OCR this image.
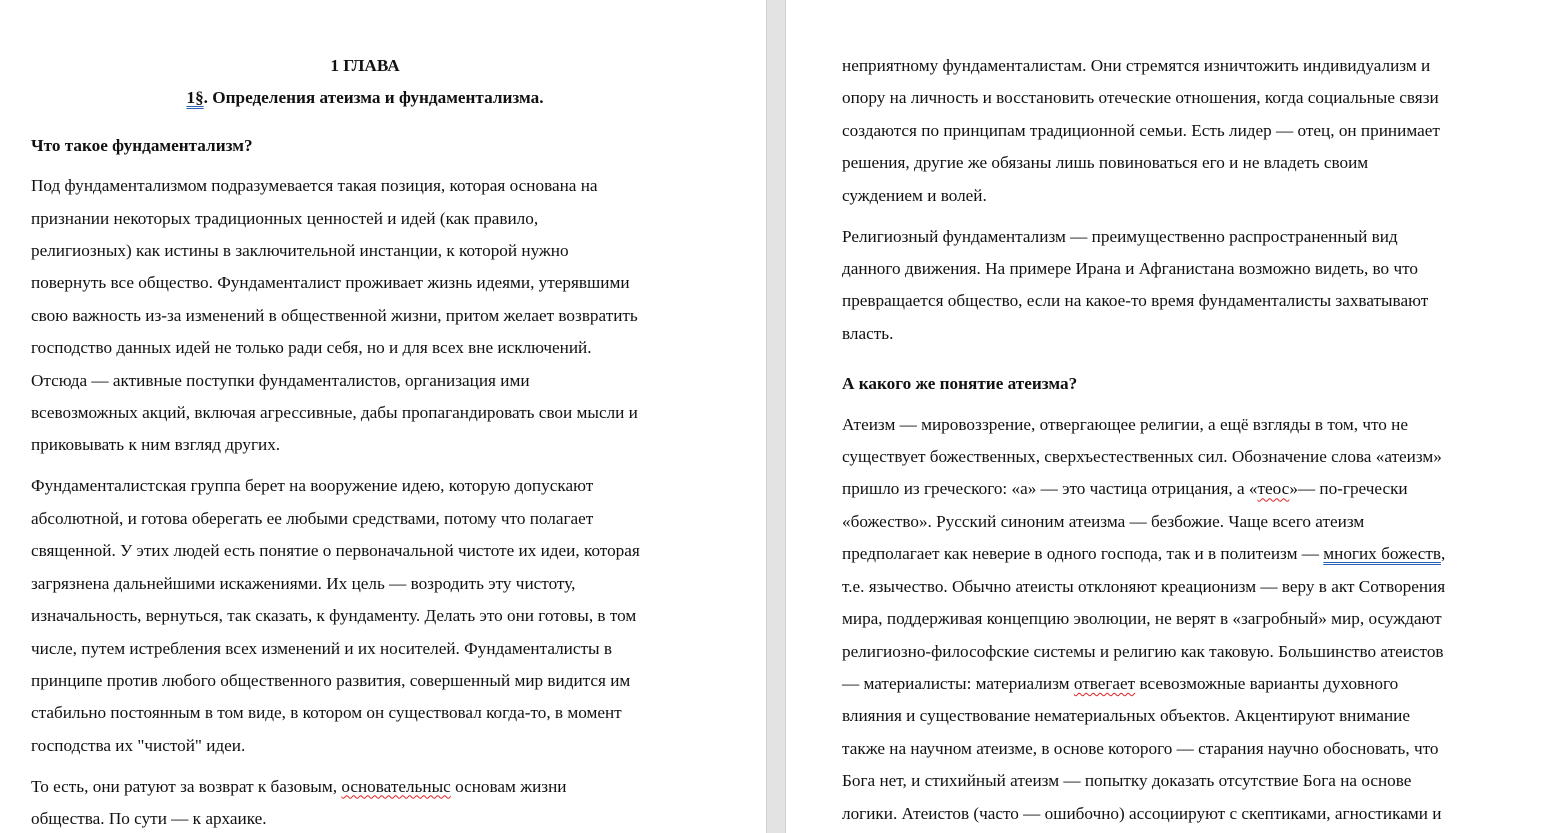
1 ГЛАВА

1§. Определения атеизма и фундаментализма.

Что такое фундаментализм?

Под фундаментализмом подразумевается такая позиция, которая основана на
признании некоторых традиционных ценностей и идей (как правило,
религиозных) как истины в заключительной инстанции, к которой нужно
повернуть все общество. Фундаменталист проживает жизнь идеями, утерявшими
свою важность из-за изменений в общественной жизни, притом желает возвратить
господство данных идей не только ради себя, но и для всех вне исключений.
Отсюда — активные поступки фундаменталистов, организация ими
всевозможных акций, включая агрессивные, дабы пропагандировать свои мысли и
приковывать к ним взгляд других.

Фундаменталистская группа берет на вооружение идею, которую допускают
абсолютной, и готова оберегать ее любыми средствами, потому что полагает
священной. У этих людей есть понятие о первоначальной чистоте их идеи, которая
загрязнена дальнейшими искажениями. Их цель — возродить эту чистоту,
изначальность, вернуться, так сказать, к фундаменту. Делать это они готовы, в том
числе, путем истребления всех изменений и их носителей. Фундаменталисты в
принципе против любого общественного развития, совершенный мир видится им
стабильно постоянным в том виде, в котором он существовал когда-то, в момент
господства их "чистой" идеи.

То есть, они ратуют за возврат к базовым, основательныс основам жизни
общества. По сути — к архаике.

неприятному фундаменталистам. Они стремятся изничтожить индивидуализм и
опору на личность и восстановить отеческие отношения, когда социальные связи
создаются по принципам традиционной семьи. Есть лидер — отец, он принимает
решения, другие же обязаны лишь повиноваться его и не владеть своим
суждением и волей.

Религиозный фундаментализм — преимущественно распространенный вид
данного движения. На примере Ирана и Афганистана возможно видеть, во что
превращается общество, если на какое-то время фундаменталисты захватывают
власть.

А какого же понятие атеизма?

Атеизм — мировоззрение, отвергающее религии, а ещё взгляды в том, что не
существует божественных, сверхъестественных сил. Обозначение слова «атеизм»
пришло из греческого: «а» — это частица отрицания, а «теос»— по-гречески
«божество». Русский синоним атеизма — безбожие. Чаще всего атеизм
предполагает как неверие в одного господа, так и в политеизм — многих божеств,
т.е. язычество. Обычно атеисты отклоняют креационизм — веру в акт Сотворения
мира, поддерживая концепцию эволюции, не верят в «загробный» мир, осуждают
религиозно-философские системы и религию как таковую. Большинство атеистов
— материалисты: материализм отвегает всевозможные варианты духовного
влияния и существование нематериальных объектов. Акцентируют внимание
также на научном атеизме, в основе которого — старания научно обосновать, что
Бога нет, и стихийный атеизм — попытку доказать отсутствие Бога на основе
логики. Атеистов (часто — ошибочно) ассоциируют с скептиками, агностиками и
